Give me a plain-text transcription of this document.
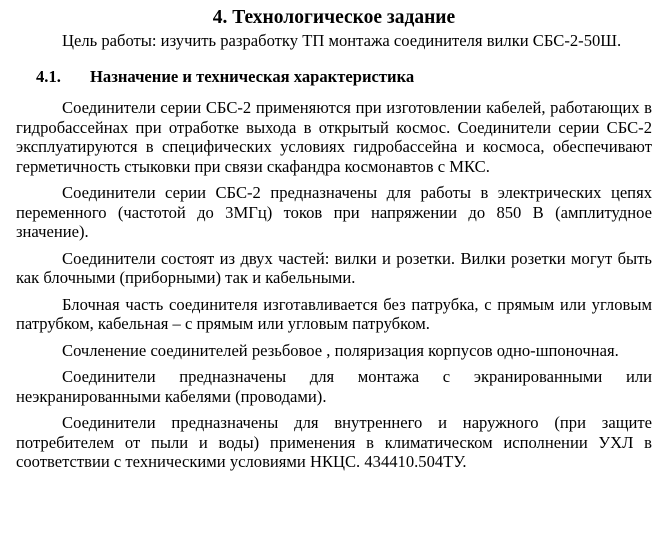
4. Технологическое задание

Цель работы: изучить разработку ТП монтажа соединителя вилки СБС-2-50Ш.

4.1. Назначение и техническая характеристика

Соединители серии СБС-2 применяются при изготовлении кабелей, работающих в гидробассейнах при отработке выхода в открытый космос. Соединители серии СБС-2 эксплуатируются в специфических условиях гидробассейна и космоса, обеспечивают герметичность стыковки при связи скафандра космонавтов с МКС.

Соединители серии СБС-2 предназначены для работы в электрических цепях переменного (частотой до 3МГц) токов при напряжении до 850 В (амплитудное значение).

Соединители состоят из двух частей: вилки и розетки. Вилки розетки могут быть как блочными (приборными) так и кабельными.

Блочная часть соединителя изготавливается без патрубка, с прямым или угловым патрубком, кабельная – с прямым или угловым патрубком.

Сочленение соединителей резьбовое , поляризация корпусов одно-шпоночная.

Соединители предназначены для монтажа с экранированными или неэкранированными кабелями (проводами).

Соединители предназначены для внутреннего и наружного (при защите потребителем от пыли и воды) применения в климатическом исполнении УХЛ в соответствии с техническими условиями НКЦС. 434410.504ТУ.
